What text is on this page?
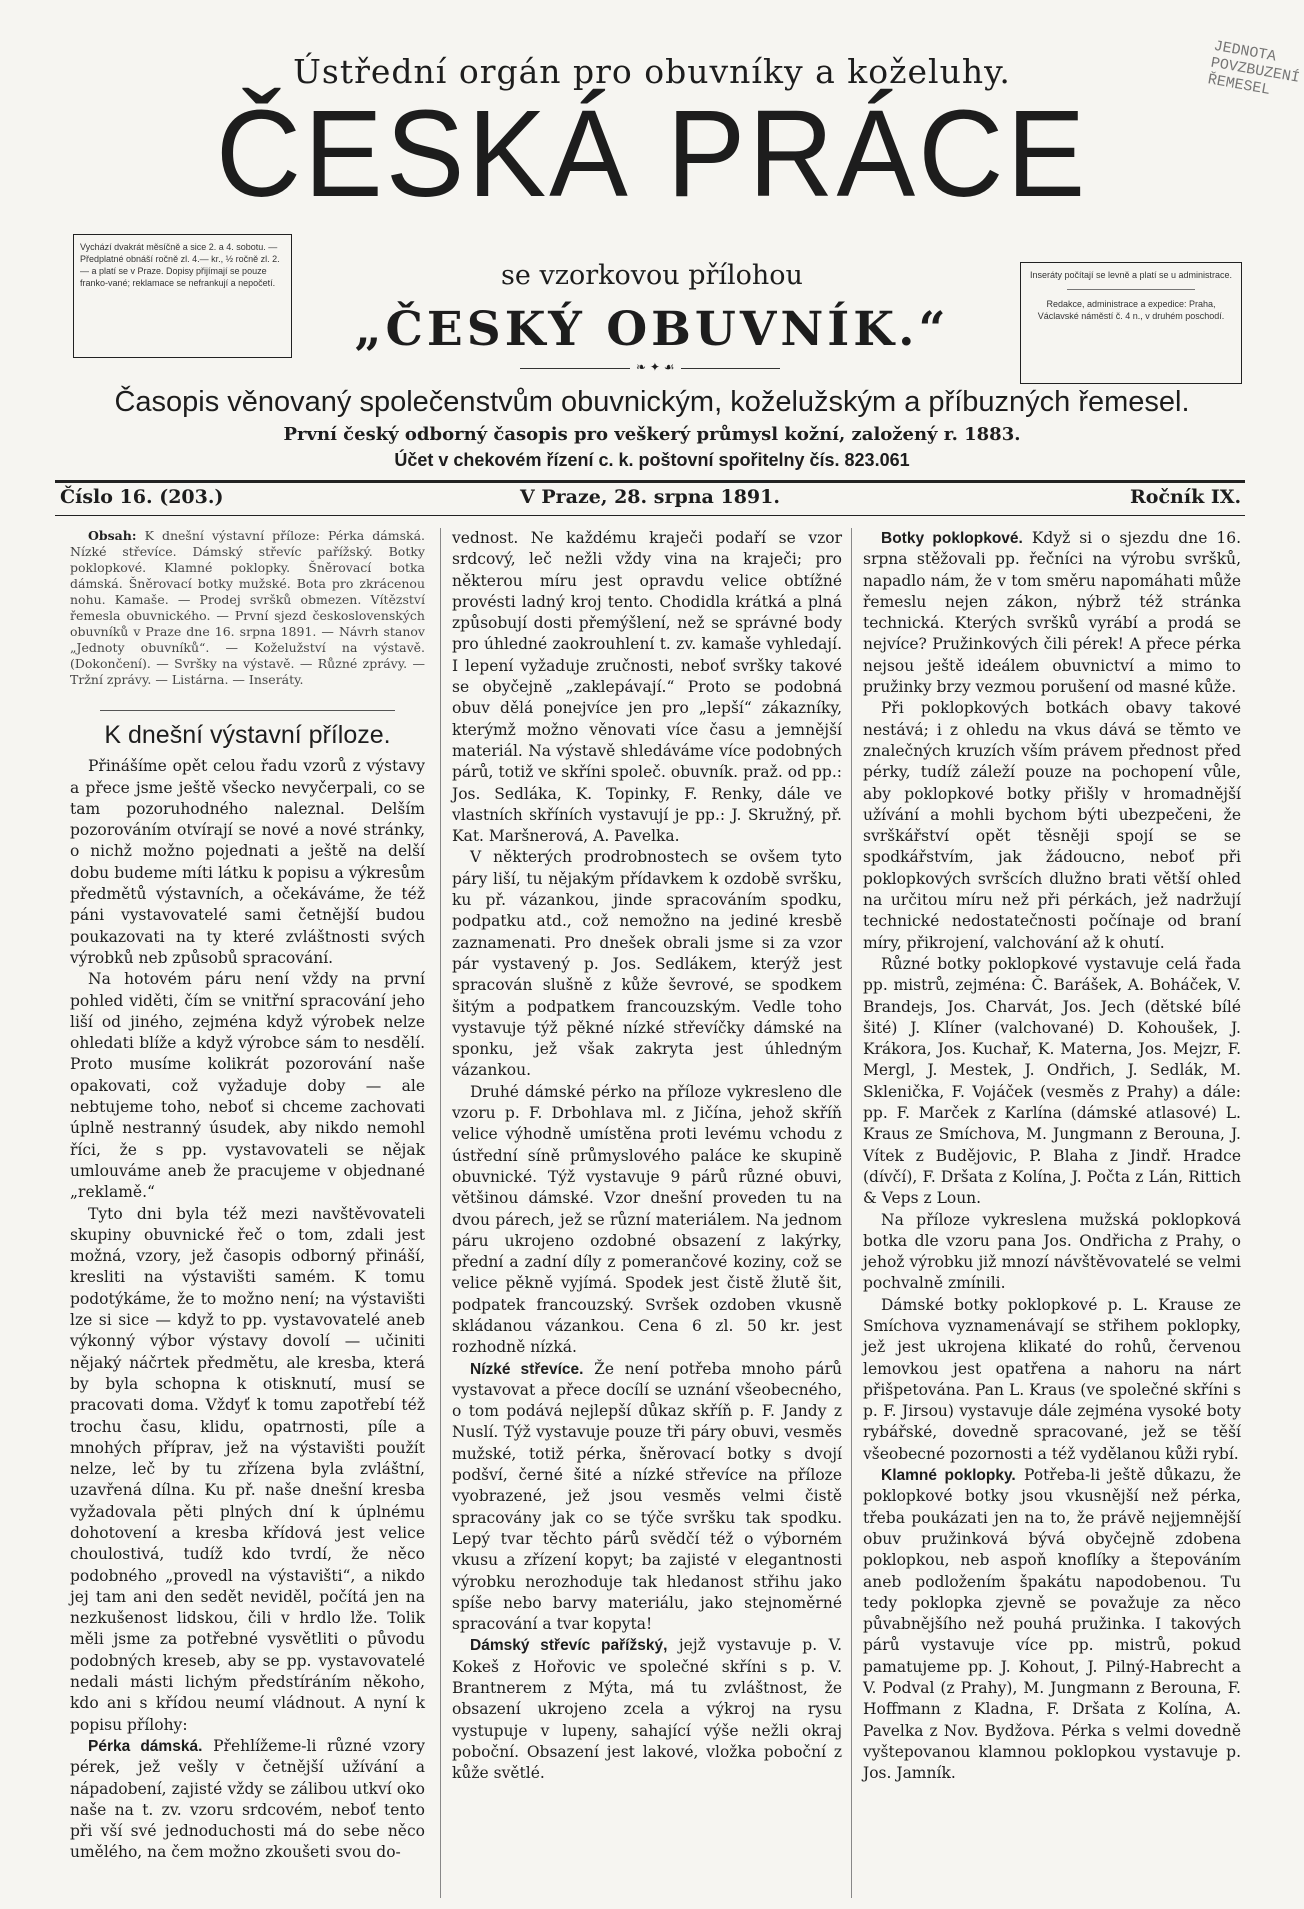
Ústřední orgán pro obuvníky a koželuhy.
ČESKÁ PRÁCE
JEDNOTA POVZBUZENÍ ŘEMESEL
Vychází dvakrát měsíčně a sice 2. a 4. sobotu. — Předplatné obnáší ročně zl. 4.— kr., ½ ročně zl. 2.— a platí se v Praze. Dopisy přijímají se pouze franko-vané; reklamace se nefrankují a nepočetí.	se vzorkovou přílohou
„ČESKÝ OBUVNÍK.“
❧ ✦ ☙
Inseráty počítají se levně a platí se u administrace.
Redakce, administrace a expedice: Praha, Václavské náměstí č. 4 n., v druhém poschodí.
Časopis věnovaný společenstvům obuvnickým, koželužským a příbuzných řemesel.
První český odborný časopis pro veškerý průmysl kožní, založený r. 1883.
Účet v chekovém řízení c. k. poštovní spořitelny čís. 823.061
Číslo 16. (203.)	V Praze, 28. srpna 1891.	Ročník IX.

Obsah: K dnešní výstavní příloze: Pérka dámská. Nízké střevíce. Dámský střevíc pařížský. Botky poklopkové. Klamné poklopky. Šněrovací botka dámská. Šněrovací botky mužské. Bota pro zkrácenou nohu. Kamaše. — Prodej svršků obmezen. Vítězství řemesla obuvnického. — První sjezd československých obuvníků v Praze dne 16. srpna 1891. — Návrh stanov „Jednoty obuvníků“. — Koželužství na výstavě. (Dokončení). — Svršky na výstavě. — Různé zprávy. — Tržní zprávy. — Listárna. — Inseráty.

K dnešní výstavní příloze.

Přinášíme opět celou řadu vzorů z výstavy a přece jsme ještě všecko nevyčerpali, co se tam pozoruhodného naleznal. Delším pozorováním otvírají se nové a nové stránky, o nichž možno pojednati a ještě na delší dobu budeme míti látku k popisu a výkresům předmětů výstavních, a očekáváme, že též páni vystavovatelé sami četnější budou poukazovati na ty které zvláštnosti svých výrobků neb způsobů spracování.

Na hotovém páru není vždy na první pohled viděti, čím se vnitřní spracování jeho liší od jiného, zejména když výrobek nelze ohledati blíže a když výrobce sám to nesdělí. Proto musíme kolikrát pozorování naše opakovati, což vyžaduje doby — ale nebtujeme toho, neboť si chceme zachovati úplně nestranný úsudek, aby nikdo nemohl říci, že s pp. vystavovateli se nějak umlouváme aneb že pracujeme v objednané „reklamě.“

Tyto dni byla též mezi navštěvovateli skupiny obuvnické řeč o tom, zdali jest možná, vzory, jež časopis odborný přináší, kresliti na výstavišti samém. K tomu podotýkáme, že to možno není; na výstavišti lze si sice — když to pp. vystavovatelé aneb výkonný výbor výstavy dovolí — učiniti nějaký náčrtek předmětu, ale kresba, která by byla schopna k otisknutí, musí se pracovati doma. Vždyť k tomu zapotřebí též trochu času, klidu, opatrnosti, píle a mnohých příprav, jež na výstavišti použít nelze, leč by tu zřízena byla zvláštní, uzavřená dílna. Ku př. naše dnešní kresba vyžadovala pěti plných dní k úplnému dohotovení a kresba křídová jest velice choulostivá, tudíž kdo tvrdí, že něco podobného „provedl na výstavišti“, a nikdo jej tam ani den sedět neviděl, počítá jen na nezkušenost lidskou, čili v hrdlo lže. Tolik měli jsme za potřebné vysvětliti o původu podobných kreseb, aby se pp. vystavovatelé nedali másti lichým předstíráním někoho, kdo ani s křídou neumí vládnout. A nyní k popisu přílohy:

Pérka dámská. Přehlížeme-li různé vzory pérek, jež vešly v četnější užívání a nápadobení, zajisté vždy se zálibou utkví oko naše na t. zv. vzoru srdcovém, neboť tento při vší své jednoduchosti má do sebe něco umělého, na čem možno zkoušeti svou do-

vednost. Ne každému kraječi podaří se vzor srdcový, leč nežli vždy vina na kraječi; pro některou míru jest opravdu velice obtížné provésti ladný kroj tento. Chodidla krátká a plná způsobují dosti přemýšlení, než se správné body pro úhledné zaokrouhlení t. zv. kamaše vyhledají. I lepení vyžaduje zručnosti, neboť svršky takové se obyčejně „zaklepávají.“ Proto se podobná obuv dělá ponejvíce jen pro „lepší“ zákazníky, kterýmž možno věnovati více času a jemnější materiál. Na výstavě shledáváme více podobných párů, totiž ve skříni společ. obuvník. praž. od pp.: Jos. Sedláka, K. Topinky, F. Renky, dále ve vlastních skříních vystavují je pp.: J. Skružný, př. Kat. Maršnerová, A. Pavelka.

V některých prodrobnostech se ovšem tyto páry liší, tu nějakým přídavkem k ozdobě svršku, ku př. vázankou, jinde spracováním spodku, podpatku atd., což nemožno na jediné kresbě zaznamenati. Pro dnešek obrali jsme si za vzor pár vystavený p. Jos. Sedlákem, kterýž jest spracován slušně z kůže ševrové, se spodkem šitým a podpatkem francouzským. Vedle toho vystavuje týž pěkné nízké střevíčky dámské na sponku, jež však zakryta jest úhledným vázankou.

Druhé dámské pérko na příloze vykresleno dle vzoru p. F. Drbohlava ml. z Jičína, jehož skříň velice výhodně umístěna proti levému vchodu z ústřední síně průmyslového paláce ke skupině obuvnické. Týž vystavuje 9 párů různé obuvi, většinou dámské. Vzor dnešní proveden tu na dvou párech, jež se různí materiálem. Na jednom páru ukrojeno ozdobné obsazení z lakýrky, přední a zadní díly z pomerančové koziny, což se velice pěkně vyjímá. Spodek jest čistě žlutě šit, podpatek francouzský. Svršek ozdoben vkusně skládanou vázankou. Cena 6 zl. 50 kr. jest rozhodně nízká.

Nízké střevíce. Že není potřeba mnoho párů vystavovat a přece docílí se uznání všeobecného, o tom podává nejlepší důkaz skříň p. F. Jandy z Nuslí. Týž vystavuje pouze tři páry obuvi, vesměs mužské, totiž pérka, šněrovací botky s dvojí podšví, černé šité a nízké střevíce na příloze vyobrazené, jež jsou vesměs velmi čistě spracovány jak co se týče svršku tak spodku. Lepý tvar těchto párů svědčí též o výborném vkusu a zřízení kopyt; ba zajisté v elegantnosti výrobku nerozhoduje tak hledanost střihu jako spíše nebo barvy materiálu, jako stejnoměrné spracování a tvar kopyta!

Dámský střevíc pařížský, jejž vystavuje p. V. Kokeš z Hořovic ve společné skříni s p. V. Brantnerem z Mýta, má tu zvláštnost, že obsazení ukrojeno zcela a výkroj na rysu vystupuje v lupeny, sahající výše nežli okraj poboční. Obsazení jest lakové, vložka poboční z kůže světlé.

Botky poklopkové. Když si o sjezdu dne 16. srpna stěžovali pp. řečníci na výrobu svršků, napadlo nám, že v tom směru napomáhati může řemeslu nejen zákon, nýbrž též stránka technická. Kterých svršků vyrábí a prodá se nejvíce? Pružinkových čili pérek! A přece pérka nejsou ještě ideálem obuvnictví a mimo to pružinky brzy vezmou porušení od masné kůže.

Při poklopkových botkách obavy takové nestává; i z ohledu na vkus dává se těmto ve znalečných kruzích vším právem přednost před pérky, tudíž záleží pouze na pochopení vůle, aby poklopkové botky přišly v hromadnější užívání a mohli bychom býti ubezpečeni, že svrškářství opět těsněji spojí se se spodkářstvím, jak žádoucno, neboť při poklopkových svršcích dlužno brati větší ohled na určitou míru než při pérkách, jež nadržují technické nedostatečnosti počínaje od braní míry, přikrojení, valchování až k ohutí.

Různé botky poklopkové vystavuje celá řada pp. mistrů, zejména: Č. Barášek, A. Boháček, V. Brandejs, Jos. Charvát, Jos. Jech (dětské bílé šité) J. Klíner (valchované) D. Kohoušek, J. Krákora, Jos. Kuchař, K. Materna, Jos. Mejzr, F. Mergl, J. Mestek, J. Ondřich, J. Sedlák, M. Sklenička, F. Vojáček (vesměs z Prahy) a dále: pp. F. Marček z Karlína (dámské atlasové) L. Kraus ze Smíchova, M. Jungmann z Berouna, J. Vítek z Budějovic, P. Blaha z Jindř. Hradce (dívčí), F. Dršata z Kolína, J. Počta z Lán, Rittich & Veps z Loun.

Na příloze vykreslena mužská poklopková botka dle vzoru pana Jos. Ondřicha z Prahy, o jehož výrobku již mnozí návštěvovatelé se velmi pochvalně zmínili.

Dámské botky poklopkové p. L. Krause ze Smíchova vyznamenávají se střihem poklopky, jež jest ukrojena klikaté do rohů, červenou lemovkou jest opatřena a nahoru na nárt přišpetována. Pan L. Kraus (ve společné skříni s p. F. Jirsou) vystavuje dále zejména vysoké boty rybářské, dovedně spracované, jež se těší všeobecné pozornosti a též vydělanou kůži rybí.

Klamné poklopky. Potřeba-li ještě důkazu, že poklopkové botky jsou vkusnější než pérka, třeba poukázati jen na to, že právě nejjemnější obuv pružinková bývá obyčejně zdobena poklopkou, neb aspoň knoflíky a štepováním aneb podložením špakátu napodobenou. Tu tedy poklopka zjevně se považuje za něco půvabnějšího než pouhá pružinka. I takových párů vystavuje více pp. mistrů, pokud pamatujeme pp. J. Kohout, J. Pilný-Habrecht a V. Podval (z Prahy), M. Jungmann z Berouna, F. Hoffmann z Kladna, F. Dršata z Kolína, A. Pavelka z Nov. Bydžova. Pérka s velmi dovedně vyštepovanou klamnou poklopkou vystavuje p. Jos. Jamník.
